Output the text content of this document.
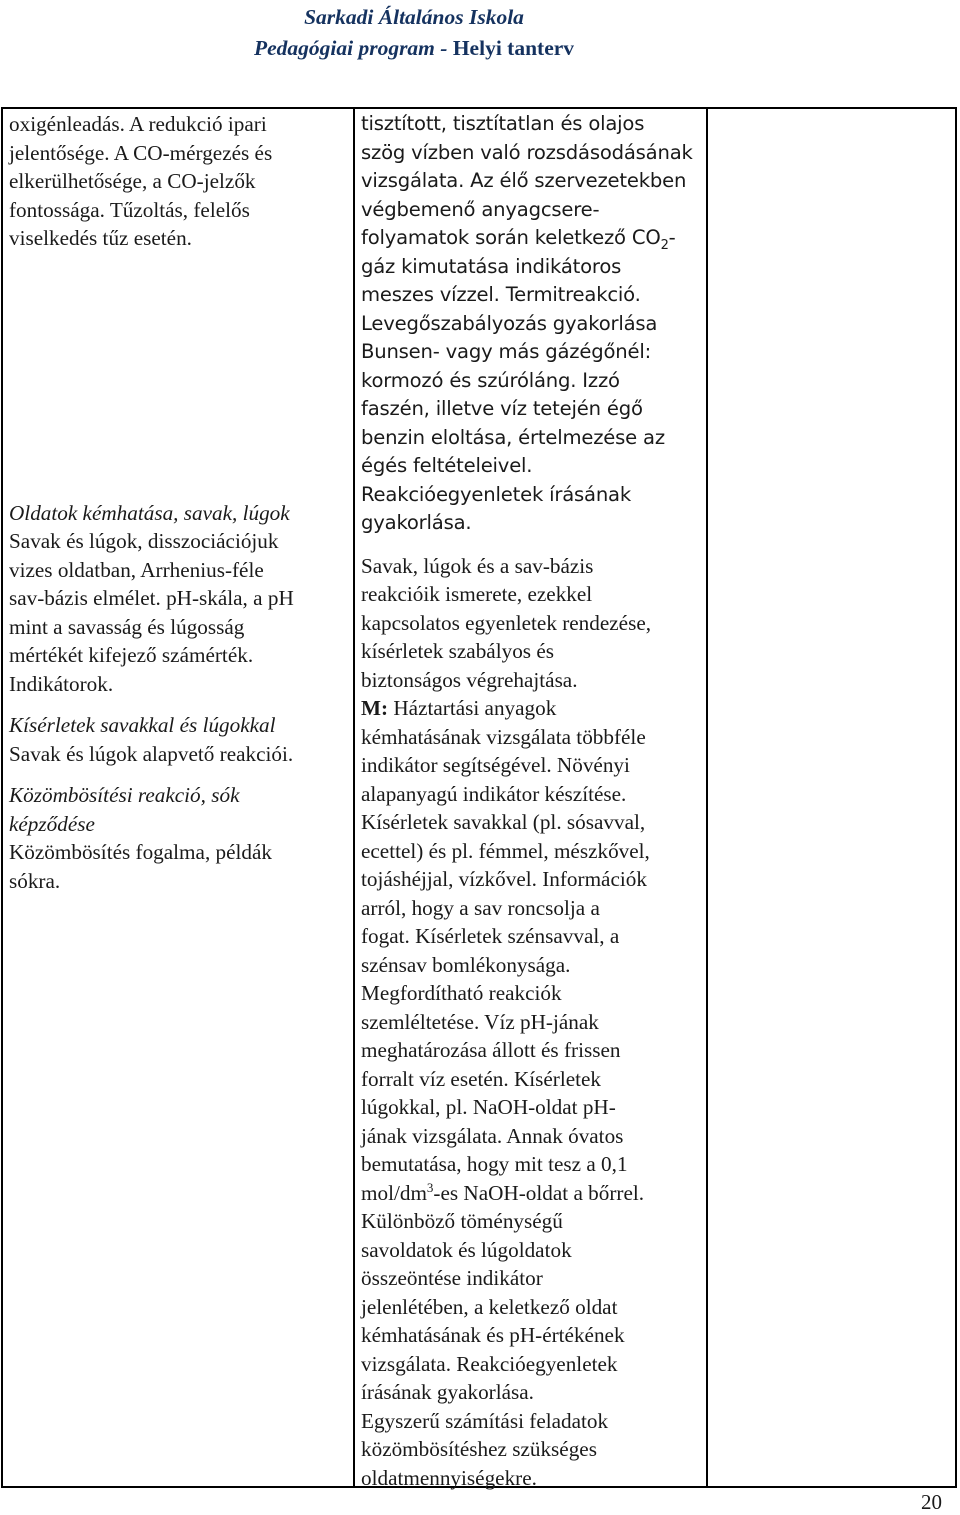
Sarkadi Általános Iskola
Pedagógiai program - Helyi tanterv
oxigénleadás. A redukció ipari
jelentősége. A CO-mérgezés és
elkerülhetősége, a CO-jelzők
fontossága. Tűzoltás, felelős
viselkedés tűz esetén.
Oldatok kémhatása, savak, lúgok
Savak és lúgok, disszociációjuk
vizes oldatban, Arrhenius-féle
sav-bázis elmélet. pH-skála, a pH
mint a savasság és lúgosság
mértékét kifejező számérték.
Indikátorok.
Kísérletek savakkal és lúgokkal
Savak és lúgok alapvető reakciói.
Közömbösítési reakció, sók
képződése
Közömbösítés fogalma, példák
sókra.
tisztított, tisztítatlan és olajos
szög vízben való rozsdásodásának
vizsgálata. Az élő szervezetekben
végbemenő anyagcsere-
folyamatok során keletkező $CO_2-$
gáz kimutatása indikátoros
meszes vízzel. Termitreakció.
Levegőszabályozás gyakorlása
Bunsen- vagy más gázégőnél:
kormozó és szúróláng. Izzó
faszén, illetve víz tetején égő
benzin eloltása, értelmezése az
égés feltételeivel.
Reakcióegyenletek írásának
gyakorlása.
Savak, lúgok és a sav-bázis
reakcióik ismerete, ezekkel
kapcsolatos egyenletek rendezése,
kísérletek szabályos és
biztonságos végrehajtása.
M: Háztartási anyagok
kémhatásának vizsgálata többféle
indikátor segítségével. Növényi
alapanyagú indikátor készítése.
Kísérletek savakkal (pl. sósavval,
ecettel) és pl. fémmel, mészkővel,
tojáshéjjal, vízkővel. Információk
arról, hogy a sav roncsolja a
fogat. Kísérletek szénsavval, a
szénsav bomlékonysága.
Megfordítható reakciók
szemléltetése. Víz pH-jának
meghatározása állott és frissen
forralt víz esetén. Kísérletek
lúgokkal, pl. NaOH-oldat pH-
jának vizsgálata. Annak óvatos
bemutatása, hogy mit tesz a 0,1
mol/$dm^3-es$ NaOH-oldat a bőrrel.
Különböző töménységű
savoldatok és lúgoldatok
összeöntése indikátor
jelenlétében, a keletkező oldat
kémhatásának és pH-értékének
vizsgálata. Reakcióegyenletek
írásának gyakorlása.
Egyszerű számítási feladatok
közömbösítéshez szükséges
oldatmennyiségekre.
20
